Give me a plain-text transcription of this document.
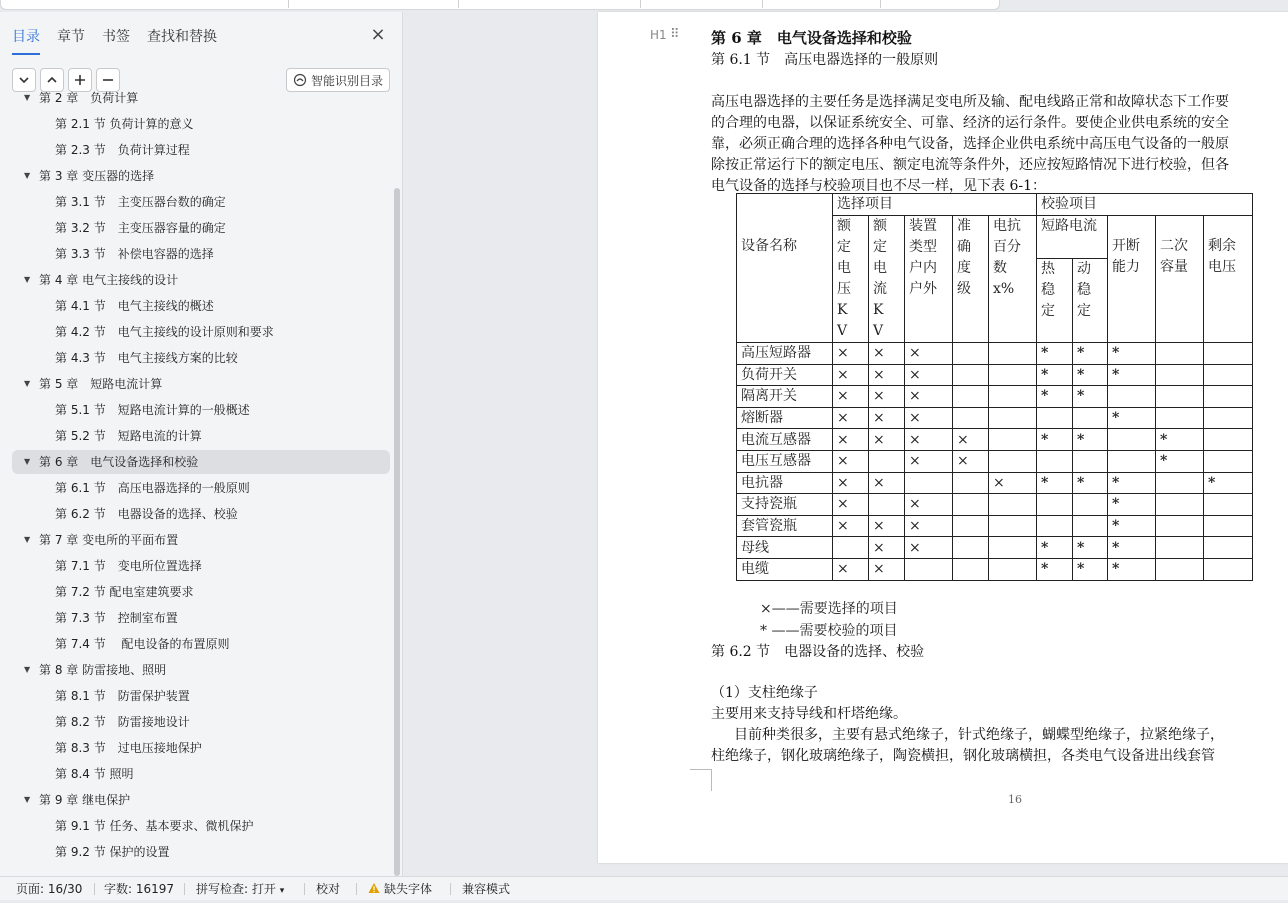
目录 章节 书签 查找和替换	×
智能识别目录
▼ 第 2 章　负荷计算
第 2.1 节 负荷计算的意义
第 2.3 节　负荷计算过程
▼ 第 3 章 变压器的选择
第 3.1 节　主变压器台数的确定
第 3.2 节　主变压器容量的确定
第 3.3 节　补偿电容器的选择
▼ 第 4 章 电气主接线的设计
第 4.1 节　电气主接线的概述
第 4.2 节　电气主接线的设计原则和要求
第 4.3 节　电气主接线方案的比较
▼ 第 5 章　短路电流计算
第 5.1 节　短路电流计算的一般概述
第 5.2 节　短路电流的计算
▼ 第 6 章　电气设备选择和校验
第 6.1 节　高压电器选择的一般原则
第 6.2 节　电器设备的选择、校验
▼ 第 7 章 变电所的平面布置
第 7.1 节　变电所位置选择
第 7.2 节 配电室建筑要求
第 7.3 节　控制室布置
第 7.4 节　 配电设备的布置原则
▼ 第 8 章 防雷接地、照明
第 8.1 节　防雷保护装置
第 8.2 节　防雷接地设计
第 8.3 节　过电压接地保护
第 8.4 节 照明
▼ 第 9 章 继电保护
第 9.1 节 任务、基本要求、微机保护
第 9.2 节 保护的设置
H1 ⠿ 第 6 章　电气设备选择和校验
第 6.1 节　高压电器选择的一般原则
高压电器选择的主要任务是选择满足变电所及输、配电线路正常和故障状态下工作要
的合理的电器，以保证系统安全、可靠、经济的运行条件。要使企业供电系统的安全
靠，必须正确合理的选择各种电气设备，选择企业供电系统中高压电气设备的一般原
除按正常运行下的额定电压、额定电流等条件外，还应按短路情况下进行校验，但各
电气设备的选择与校验项目也不尽一样，见下表 6-1：
设备名称	选择项目					校验项目				

	额定电压KV	额定电流KV	装置类型户内户外	准确度级	电抗百分数x%	短路电流		开断能力	二次容量	剩余电压

						热稳定	动稳定			

高压短路器	×	×	×			*	*	*		
负荷开关	×	×	×			*	*	*		
隔离开关	×	×	×			*	*			
熔断器	×	×	×					*		
电流互感器	×	×	×	×		*	*		*	
电压互感器	×		×	×					*	
电抗器	×	×			×	*	*	*		*
支持瓷瓶	×		×					*		
套管瓷瓶	×	×	×					*		
母线		×	×			*	*	*		
电缆	×	×				*	*	*		
×——需要选择的项目
* ——需要校验的项目
第 6.2 节　电器设备的选择、校验
（1）支柱绝缘子
主要用来支持导线和杆塔绝缘。
　目前种类很多，主要有悬式绝缘子，针式绝缘子，蝴蝶型绝缘子，拉紧绝缘子，
柱绝缘子，钢化玻璃绝缘子，陶瓷横担，钢化玻璃横担，各类电气设备进出线套管
16
页面: 16/30 字数: 16197 拼写检查: 打开 ▾	校对	缺失字体 兼容模式
